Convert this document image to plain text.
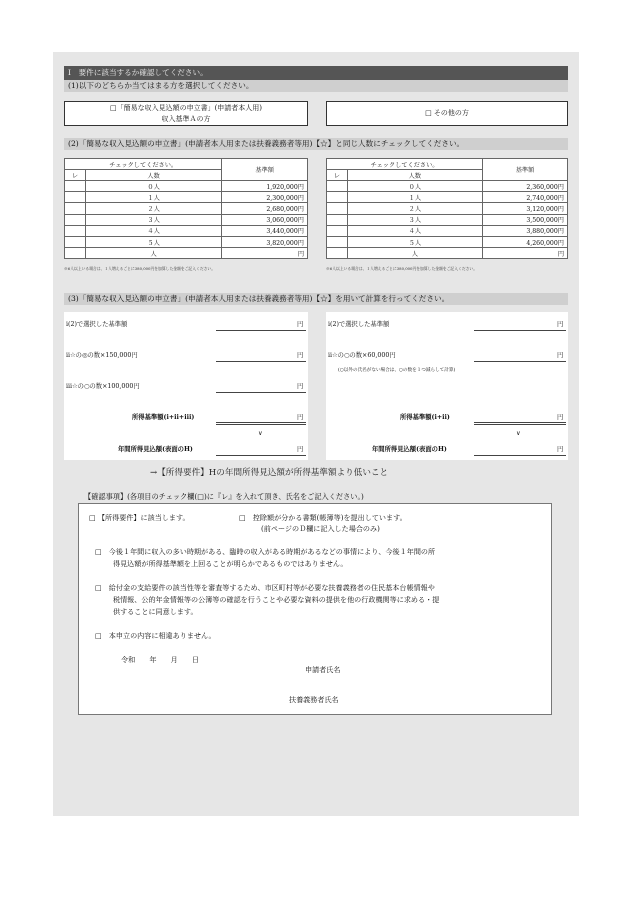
Ⅰ　要件に該当するか確認してください。
(1)以下のどちらか当てはまる方を選択してください。
□「簡易な収入見込額の申立書」(申請者本人用)
収入基準Ａの方
□ その他の方
(2)「簡易な収入見込額の申立書」(申請者本人用または扶養義務者等用)【☆】と同じ人数にチェックしてください。
チェックしてください。		基準額
レ	人数	
	０人	1,920,000円
	１人	2,300,000円
	２人	2,680,000円
	３人	3,060,000円
	４人	3,440,000円
	５人	3,820,000円
	人	円
チェックしてください。		基準額
レ	人数	
	０人	2,360,000円
	１人	2,740,000円
	２人	3,120,000円
	３人	3,500,000円
	４人	3,880,000円
	５人	4,260,000円
	人	円
※6人以上いる場合は、１人増えるごとに380,000円を加算した金額をご記入ください。	※6人以上いる場合は、１人増えるごとに380,000円を加算した金額をご記入ください。
(3)「簡易な収入見込額の申立書」(申請者本人用または扶養義務者等用)【☆】を用いて計算を行ってください。
ⅰ(2)で選択した基準額	円
ⅱ☆の◎の数×150,000円	円
ⅲ☆の○の数×100,000円	円
所得基準額(ⅰ+ⅱ+ⅲ)	円
∨
年間所得見込額(表面のH)	円
ⅰ(2)で選択した基準額	円
ⅱ☆の○の数×60,000円	円
(○以外の氏名がない場合は、○の数を１つ減らして計算)
所得基準額(ⅰ+ⅱ)	円
∨
年間所得見込額(表面のH)	円
→【所得要件】Hの年間所得見込額が所得基準額より低いこと
【確認事項】(各項目のチェック欄(□)に『レ』を入れて頂き、氏名をご記入ください。)
□ 【所得要件】に該当します。	□　控除額が分かる書類(帳簿等)を提出しています。
(前ページのＤ欄に記入した場合のみ)
□　今後１年間に収入の多い時期がある、臨時の収入がある時期があるなどの事情により、今後１年間の所
得見込額が所得基準額を上回ることが明らかであるものではありません。
□　給付金の支給要件の該当性等を審査等するため、市区町村等が必要な扶養義務者の住民基本台帳情報や
税情報、公的年金情報等の公簿等の確認を行うことや必要な資料の提供を他の行政機関等に求める・提
供することに同意します。
□　本申立の内容に相違ありません。
令和　　年　　月　　日
申請者氏名
扶養義務者氏名
